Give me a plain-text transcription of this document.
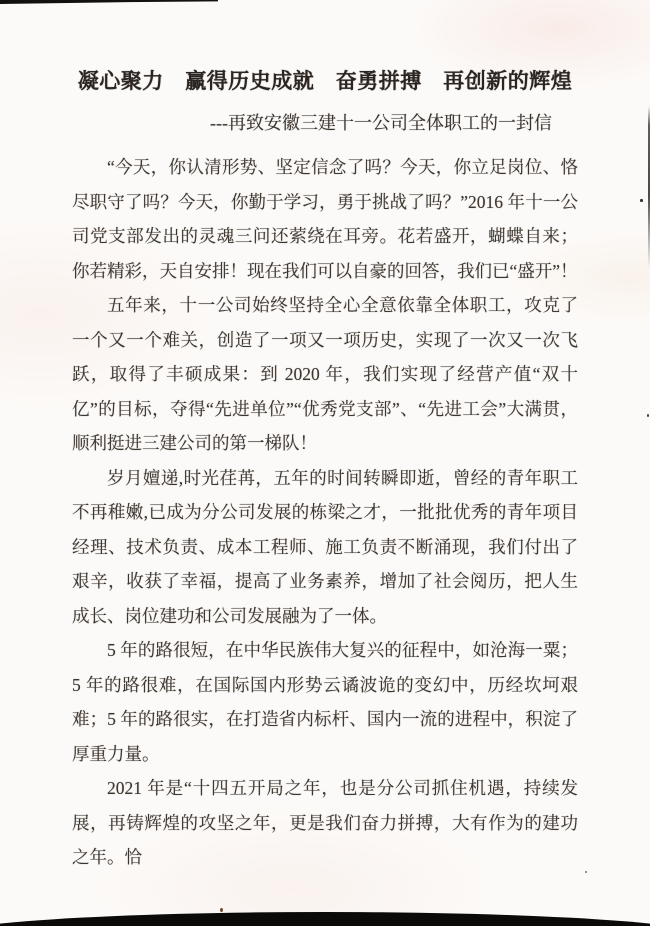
凝心聚力　赢得历史成就　奋勇拼搏　再创新的辉煌
---再致安徽三建十一公司全体职工的一封信

“今天，你认清形势、坚定信念了吗？今天，你立足岗位、恪尽职守了吗？今天，你勤于学习，勇于挑战了吗？”2016 年十一公司党支部发出的灵魂三问还萦绕在耳旁。花若盛开，蝴蝶自来；你若精彩，天自安排！现在我们可以自豪的回答，我们已“盛开”！

五年来，十一公司始终坚持全心全意依靠全体职工，攻克了一个又一个难关，创造了一项又一项历史，实现了一次又一次飞跃，取得了丰硕成果：到 2020 年，我们实现了经营产值“双十亿”的目标，夺得“先进单位”“优秀党支部”、“先进工会”大满贯，顺利挺进三建公司的第一梯队！

岁月嬗递,时光荏苒，五年的时间转瞬即逝，曾经的青年职工不再稚嫩,已成为分公司发展的栋梁之才，一批批优秀的青年项目经理、技术负责、成本工程师、施工负责不断涌现，我们付出了艰辛，收获了幸福，提高了业务素养，增加了社会阅历，把人生成长、岗位建功和公司发展融为了一体。

5 年的路很短，在中华民族伟大复兴的征程中，如沧海一粟；5 年的路很难，在国际国内形势云谲波诡的变幻中，历经坎坷艰难；5 年的路很实，在打造省内标杆、国内一流的进程中，积淀了厚重力量。

2021 年是“十四五开局之年，也是分公司抓住机遇，持续发展，再铸辉煌的攻坚之年，更是我们奋力拼搏，大有作为的建功之年。恰
